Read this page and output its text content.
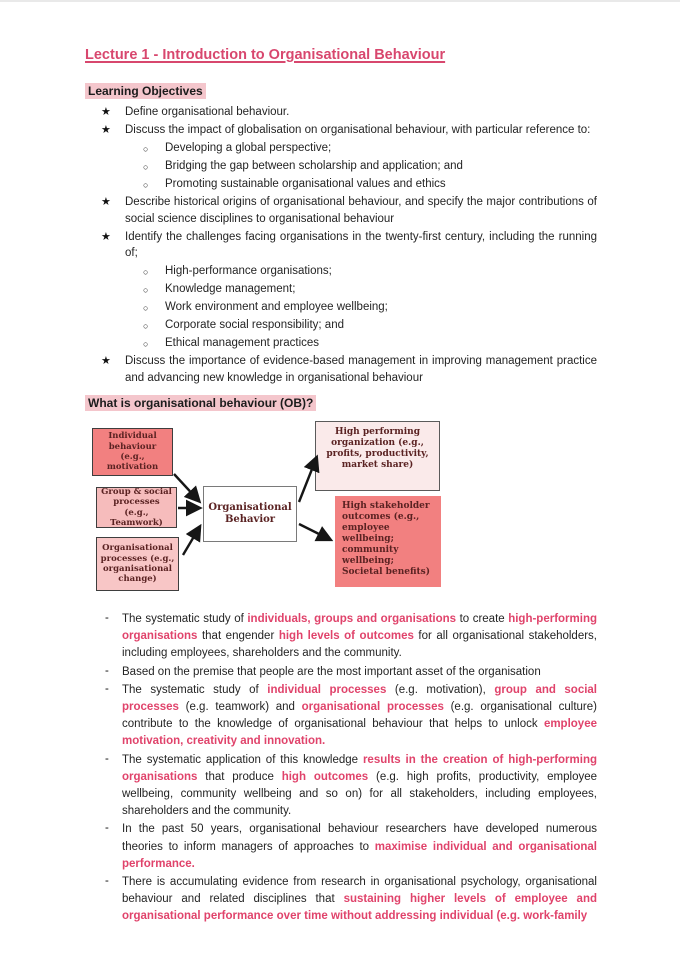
Lecture 1 - Introduction to Organisational Behaviour
Learning Objectives
★ Define organisational behaviour.
★ Discuss the impact of globalisation on organisational behaviour, with particular reference to:
○ Developing a global perspective;
○ Bridging the gap between scholarship and application; and
○ Promoting sustainable organisational values and ethics
★ Describe historical origins of organisational behaviour, and specify the major contributions of social science disciplines to organisational behaviour
★ Identify the challenges facing organisations in the twenty-first century, including the running of;
○ High-performance organisations;
○ Knowledge management;
○ Work environment and employee wellbeing;
○ Corporate social responsibility; and
○ Ethical management practices
★ Discuss the importance of evidence-based management in improving management practice and advancing new knowledge in organisational behaviour
What is organisational behaviour (OB)?
Individual behaviour (e.g., motivation
Group & social processes (e.g., Teamwork)
Organisational processes (e.g., organisational change)
Organisational Behavior
High performing organization (e.g., profits, productivity, market share)
High stakeholder outcomes (e.g., employee wellbeing; community wellbeing; Societal benefits)
- The systematic study of individuals, groups and organisations to create high-performing organisations that engender high levels of outcomes for all organisational stakeholders, including employees, shareholders and the community.
- Based on the premise that people are the most important asset of the organisation
- The systematic study of individual processes (e.g. motivation), group and social processes (e.g. teamwork) and organisational processes (e.g. organisational culture) contribute to the knowledge of organisational behaviour that helps to unlock employee motivation, creativity and innovation.
- The systematic application of this knowledge results in the creation of high-performing organisations that produce high outcomes (e.g. high profits, productivity, employee wellbeing, community wellbeing and so on) for all stakeholders, including employees, shareholders and the community.
- In the past 50 years, organisational behaviour researchers have developed numerous theories to inform managers of approaches to maximise individual and organisational performance.
- There is accumulating evidence from research in organisational psychology, organisational behaviour and related disciplines that sustaining higher levels of employee and organisational performance over time without addressing individual (e.g. work-family
